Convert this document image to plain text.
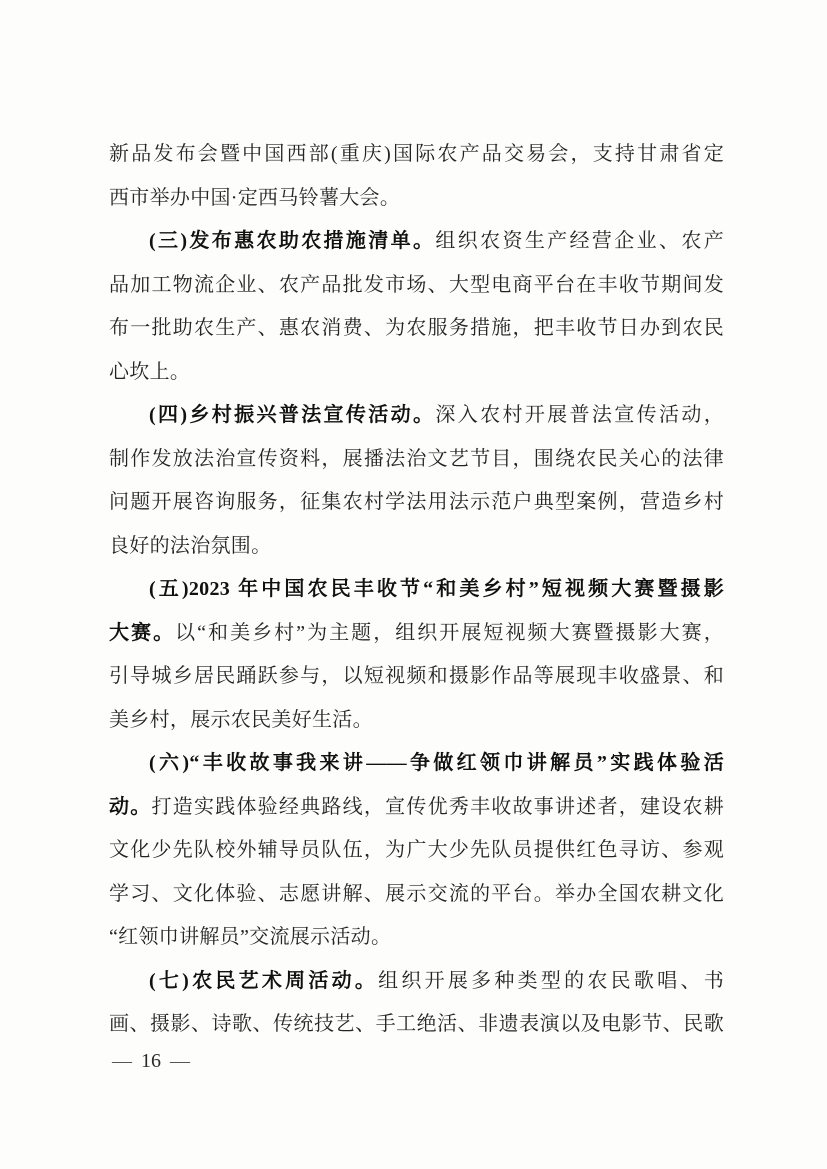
新品发布会暨中国西部(重庆)国际农产品交易会，支持甘肃省定
西市举办中国·定西马铃薯大会。
(三)发布惠农助农措施清单。组织农资生产经营企业、农产
品加工物流企业、农产品批发市场、大型电商平台在丰收节期间发
布一批助农生产、惠农消费、为农服务措施，把丰收节日办到农民
心坎上。
(四)乡村振兴普法宣传活动。深入农村开展普法宣传活动，
制作发放法治宣传资料，展播法治文艺节目，围绕农民关心的法律
问题开展咨询服务，征集农村学法用法示范户典型案例，营造乡村
良好的法治氛围。
(五)2023 年中国农民丰收节“和美乡村”短视频大赛暨摄影
大赛。以“和美乡村”为主题，组织开展短视频大赛暨摄影大赛，
引导城乡居民踊跃参与，以短视频和摄影作品等展现丰收盛景、和
美乡村，展示农民美好生活。
(六)“丰收故事我来讲——争做红领巾讲解员”实践体验活
动。打造实践体验经典路线，宣传优秀丰收故事讲述者，建设农耕
文化少先队校外辅导员队伍，为广大少先队员提供红色寻访、参观
学习、文化体验、志愿讲解、展示交流的平台。举办全国农耕文化
“红领巾讲解员”交流展示活动。
(七)农民艺术周活动。组织开展多种类型的农民歌唱、书
画、摄影、诗歌、传统技艺、手工绝活、非遗表演以及电影节、民歌
— 16 —
